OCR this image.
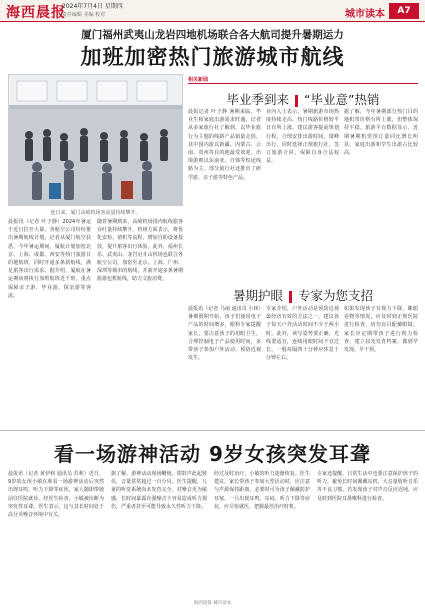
海西晨报
2024年7月4日 星期四
责任编辑 美编 校对	城市读本	A7
厦门福州武夷山龙岩四地机场联合各大航司提升暑期运力
加班加密热门旅游城市航线
连日来，厦门高崎机场客流量持续攀升。
晨报讯（记者 叶子静）2024年暑运于近日拉开大幕，各航空公司纷纷推出暑期航线计划。记者从厦门航空获悉，今年暑运期间，厦航计划加密北京、上海、成都、西安等热门旅游目的地航班，同时开通多条新航线，满足旅客出行需求。据介绍，厦航在暑运期间将执行加班航班近千班，重点保障亲子游、毕业游、探亲游等客流。
随着暑期到来，高崎机场国内航线旅客吞吐量持续攀升。机场方面表示，将优化安检、值机等流程，增加自助设备投放，提升旅客出行体验。此外，福州长乐、武夷山、龙岩冠豸山机场也联合各航空公司，加密至北京、上海、广州、深圳等城市的航线，并新开通多条暑期旅游包机航线，助力文旅消费。
相关新闻
毕业季到来 “毕业意”热销
晨报记者 叶子静 暑期来临，毕业生和家庭出游需求旺盛。记者从多家旅行社了解到，以毕业旅行为主题的线路产品销量走俏，其中国内游以新疆、内蒙古、云南、贵州等目的地最受欢迎，出境游则以东南亚、日韩等短途线路为主。部分旅行社还推出了研学游、亲子游等特色产品。
业内人士表示，暑期旅游市场热度持续走高，热门线路价格较平日有所上涨。建议游客提前规划行程，合理安排出游时间，错峰出行，同时选择正规旅行社，签订旅游合同，保障自身合法权益。
据了解，今年暑期部分热门目的地机票价格有所上涨，但整体保持平稳。旅游平台数据显示，近期暑期机票预订量同比增长明显，家庭出游和学生出游占比较高。
暑期护眼 专家为您支招
晨报讯（记者 马丽 通讯员 小林）暑期假期开始，孩子们使用电子产品的时间增多，眼科专家提醒家长，要注意孩子的用眼卫生，合理控制电子产品使用时间，多带孩子参加户外活动，预防近视发生。
专家介绍，户外活动是预防近视最经济有效的方法之一，建议孩子每天户外活动时间不少于两小时。此外，读写姿势要正确，光线要适宜，连续用眼时间不宜过长，一般每隔四十分钟应休息十分钟左右。
如果发现孩子有视力下降、眯眼看物等情况，应及时到正规医院进行检查，切勿盲目配戴眼镜。家长应定期带孩子进行视力检查，建立屈光发育档案，做到早发现、早干预。
看一场游神活动 9岁女孩突发耳聋
晨报讯（记者 黄伊莉 通讯员 苏莉）近日，9岁的女孩小敏在观看一场游神活动后突然出现耳鸣、听力下降等症状，家人随即带她前往医院就诊。经医生检查，小敏被诊断为突发性耳聋。医生表示，这与其长时间处于高分贝噪音环境中有关。
据了解，游神活动现场鞭炮、锣鼓声此起彼伏，音量常常超过一百分贝。医生提醒，儿童的听觉系统尚未发育完全，对噪音更为敏感，长时间暴露在强噪音下容易造成听力损伤，严重者甚至可能导致永久性听力下降。
经过及时治疗，小敏的听力逐渐恢复。医生建议，家长带孩子参加大型活动时，应注意与声源保持距离，必要时可为孩子佩戴防护耳塞。一旦出现耳鸣、耳闷、听力下降等症状，应尽快就医，把握最佳治疗时机。
专家还提醒，日常生活中也要注意保护孩子的听力，避免长时间佩戴耳机、大音量收听音乐等不良习惯，若发现孩子对声音反应迟钝，应及时到医院耳鼻喉科进行检查。
海西晨报 城市读本
